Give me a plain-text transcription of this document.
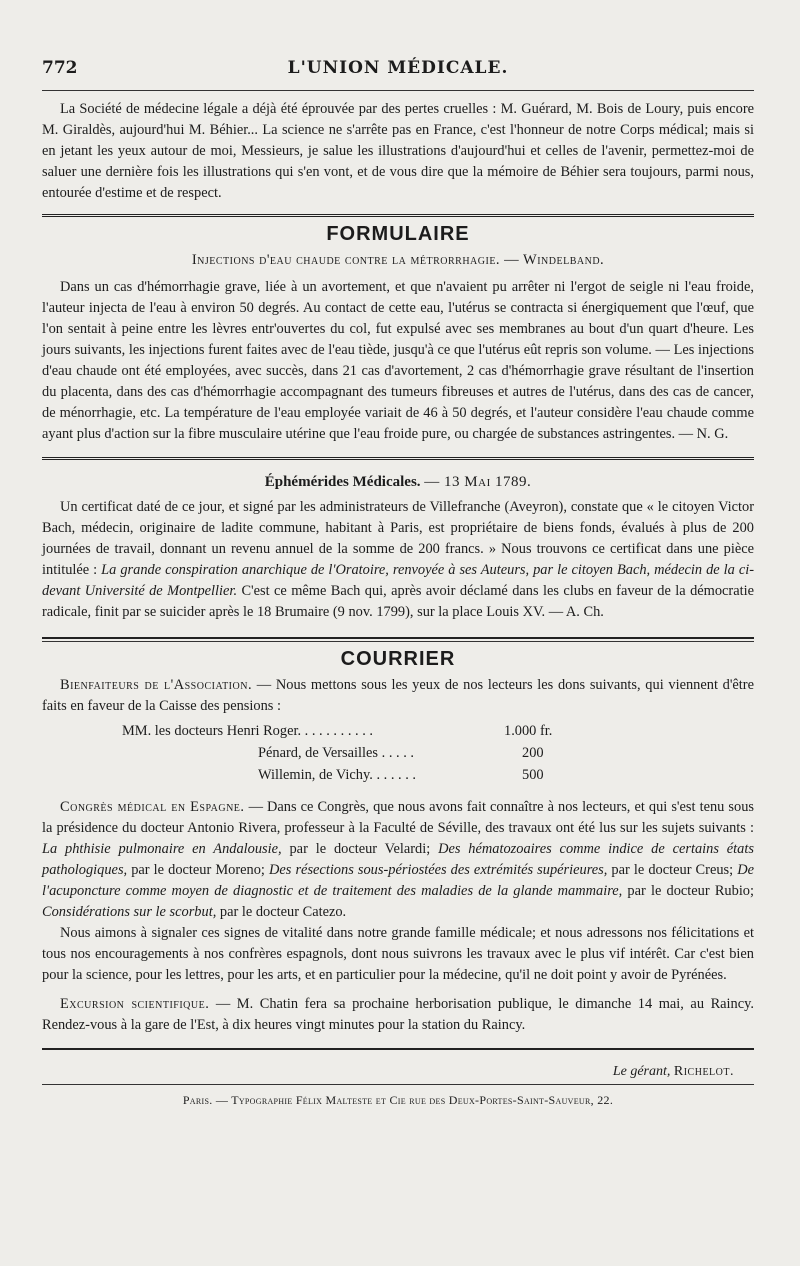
772	L'UNION MÉDICALE.

La Société de médecine légale a déjà été éprouvée par des pertes cruelles : M. Guérard, M. Bois de Loury, puis encore M. Giraldès, aujourd'hui M. Béhier... La science ne s'arrête pas en France, c'est l'honneur de notre Corps médical; mais si en jetant les yeux autour de moi, Messieurs, je salue les illustrations d'aujourd'hui et celles de l'avenir, permettez-moi de saluer une dernière fois les illustrations qui s'en vont, et de vous dire que la mémoire de Béhier sera toujours, parmi nous, entourée d'estime et de respect.

FORMULAIRE
Injections d'eau chaude contre la métrorrhagie. — Windelband.

Dans un cas d'hémorrhagie grave, liée à un avortement, et que n'avaient pu arrêter ni l'ergot de seigle ni l'eau froide, l'auteur injecta de l'eau à environ 50 degrés. Au contact de cette eau, l'utérus se contracta si énergiquement que l'œuf, que l'on sentait à peine entre les lèvres entr'ouvertes du col, fut expulsé avec ses membranes au bout d'un quart d'heure. Les jours suivants, les injections furent faites avec de l'eau tiède, jusqu'à ce que l'utérus eût repris son volume. — Les injections d'eau chaude ont été employées, avec succès, dans 21 cas d'avortement, 2 cas d'hémorrhagie grave résultant de l'insertion du placenta, dans des cas d'hémorrhagie accompagnant des tumeurs fibreuses et autres de l'utérus, dans des cas de cancer, de ménorrhagie, etc. La température de l'eau employée variait de 46 à 50 degrés, et l'auteur considère l'eau chaude comme ayant plus d'action sur la fibre musculaire utérine que l'eau froide pure, ou chargée de substances astringentes. — N. G.

Éphémérides Médicales. — 13 Mai 1789.

Un certificat daté de ce jour, et signé par les administrateurs de Villefranche (Aveyron), constate que « le citoyen Victor Bach, médecin, originaire de ladite commune, habitant à Paris, est propriétaire de biens fonds, évalués à plus de 200 journées de travail, donnant un revenu annuel de la somme de 200 francs. » Nous trouvons ce certificat dans une pièce intitulée : La grande conspiration anarchique de l'Oratoire, renvoyée à ses Auteurs, par le citoyen Bach, médecin de la ci-devant Université de Montpellier. C'est ce même Bach qui, après avoir déclamé dans les clubs en faveur de la démocratie radicale, finit par se suicider après le 18 Brumaire (9 nov. 1799), sur la place Louis XV. — A. Ch.

COURRIER

Bienfaiteurs de l'Association. — Nous mettons sous les yeux de nos lecteurs les dons suivants, qui viennent d'être faits en faveur de la Caisse des pensions :

MM. les docteurs Henri Roger. . . . . . . . . . .	1.000 fr.
Pénard, de Versailles . . . . .	200
Willemin, de Vichy. . . . . . .	500

Congrès médical en Espagne. — Dans ce Congrès, que nous avons fait connaître à nos lecteurs, et qui s'est tenu sous la présidence du docteur Antonio Rivera, professeur à la Faculté de Séville, des travaux ont été lus sur les sujets suivants : La phthisie pulmonaire en Andalousie, par le docteur Velardi; Des hématozoaires comme indice de certains états pathologiques, par le docteur Moreno; Des résections sous-périostées des extrémités supérieures, par le docteur Creus; De l'acuponcture comme moyen de diagnostic et de traitement des maladies de la glande mammaire, par le docteur Rubio; Considérations sur le scorbut, par le docteur Catezo.

Nous aimons à signaler ces signes de vitalité dans notre grande famille médicale; et nous adressons nos félicitations et tous nos encouragements à nos confrères espagnols, dont nous suivrons les travaux avec le plus vif intérêt. Car c'est bien pour la science, pour les lettres, pour les arts, et en particulier pour la médecine, qu'il ne doit point y avoir de Pyrénées.

Excursion scientifique. — M. Chatin fera sa prochaine herborisation publique, le dimanche 14 mai, au Raincy. Rendez-vous à la gare de l'Est, à dix heures vingt minutes pour la station du Raincy.

Le gérant, Richelot.
Paris. — Typographie Félix Malteste et Cie rue des Deux-Portes-Saint-Sauveur, 22.
